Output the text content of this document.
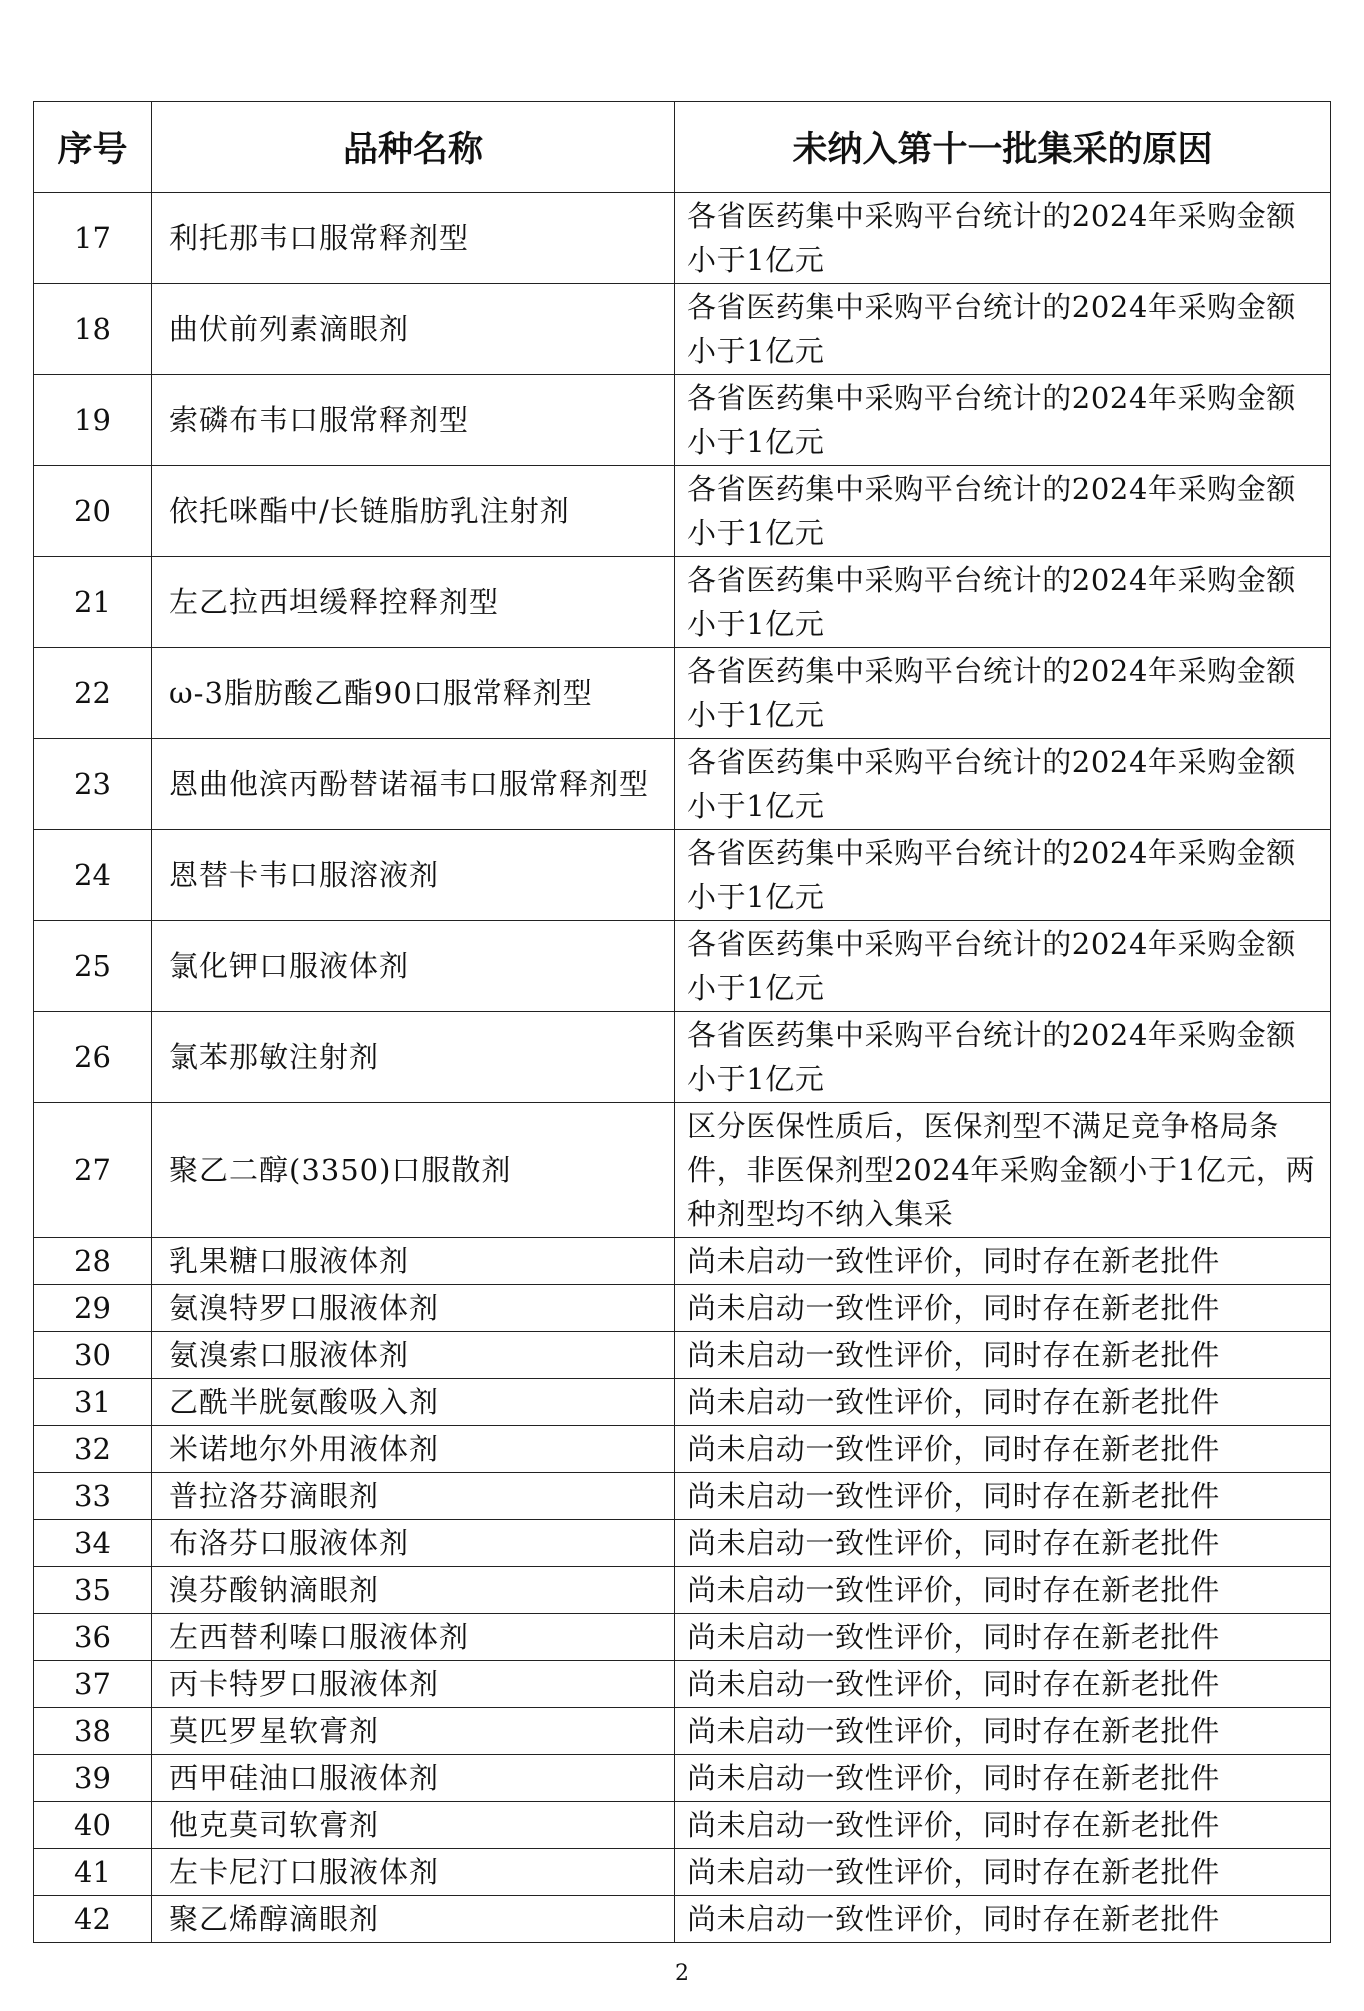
序号	品种名称	未纳入第十一批集采的原因
17	利托那韦口服常释剂型	各省医药集中采购平台统计的2024年采购金额小于1亿元
18	曲伏前列素滴眼剂	各省医药集中采购平台统计的2024年采购金额小于1亿元
19	索磷布韦口服常释剂型	各省医药集中采购平台统计的2024年采购金额小于1亿元
20	依托咪酯中/长链脂肪乳注射剂	各省医药集中采购平台统计的2024年采购金额小于1亿元
21	左乙拉西坦缓释控释剂型	各省医药集中采购平台统计的2024年采购金额小于1亿元
22	ω-3脂肪酸乙酯90口服常释剂型	各省医药集中采购平台统计的2024年采购金额小于1亿元
23	恩曲他滨丙酚替诺福韦口服常释剂型	各省医药集中采购平台统计的2024年采购金额小于1亿元
24	恩替卡韦口服溶液剂	各省医药集中采购平台统计的2024年采购金额小于1亿元
25	氯化钾口服液体剂	各省医药集中采购平台统计的2024年采购金额小于1亿元
26	氯苯那敏注射剂	各省医药集中采购平台统计的2024年采购金额小于1亿元
27	聚乙二醇(3350)口服散剂	区分医保性质后，医保剂型不满足竞争格局条件，非医保剂型2024年采购金额小于1亿元，两种剂型均不纳入集采
28	乳果糖口服液体剂	尚未启动一致性评价，同时存在新老批件
29	氨溴特罗口服液体剂	尚未启动一致性评价，同时存在新老批件
30	氨溴索口服液体剂	尚未启动一致性评价，同时存在新老批件
31	乙酰半胱氨酸吸入剂	尚未启动一致性评价，同时存在新老批件
32	米诺地尔外用液体剂	尚未启动一致性评价，同时存在新老批件
33	普拉洛芬滴眼剂	尚未启动一致性评价，同时存在新老批件
34	布洛芬口服液体剂	尚未启动一致性评价，同时存在新老批件
35	溴芬酸钠滴眼剂	尚未启动一致性评价，同时存在新老批件
36	左西替利嗪口服液体剂	尚未启动一致性评价，同时存在新老批件
37	丙卡特罗口服液体剂	尚未启动一致性评价，同时存在新老批件
38	莫匹罗星软膏剂	尚未启动一致性评价，同时存在新老批件
39	西甲硅油口服液体剂	尚未启动一致性评价，同时存在新老批件
40	他克莫司软膏剂	尚未启动一致性评价，同时存在新老批件
41	左卡尼汀口服液体剂	尚未启动一致性评价，同时存在新老批件
42	聚乙烯醇滴眼剂	尚未启动一致性评价，同时存在新老批件
2
